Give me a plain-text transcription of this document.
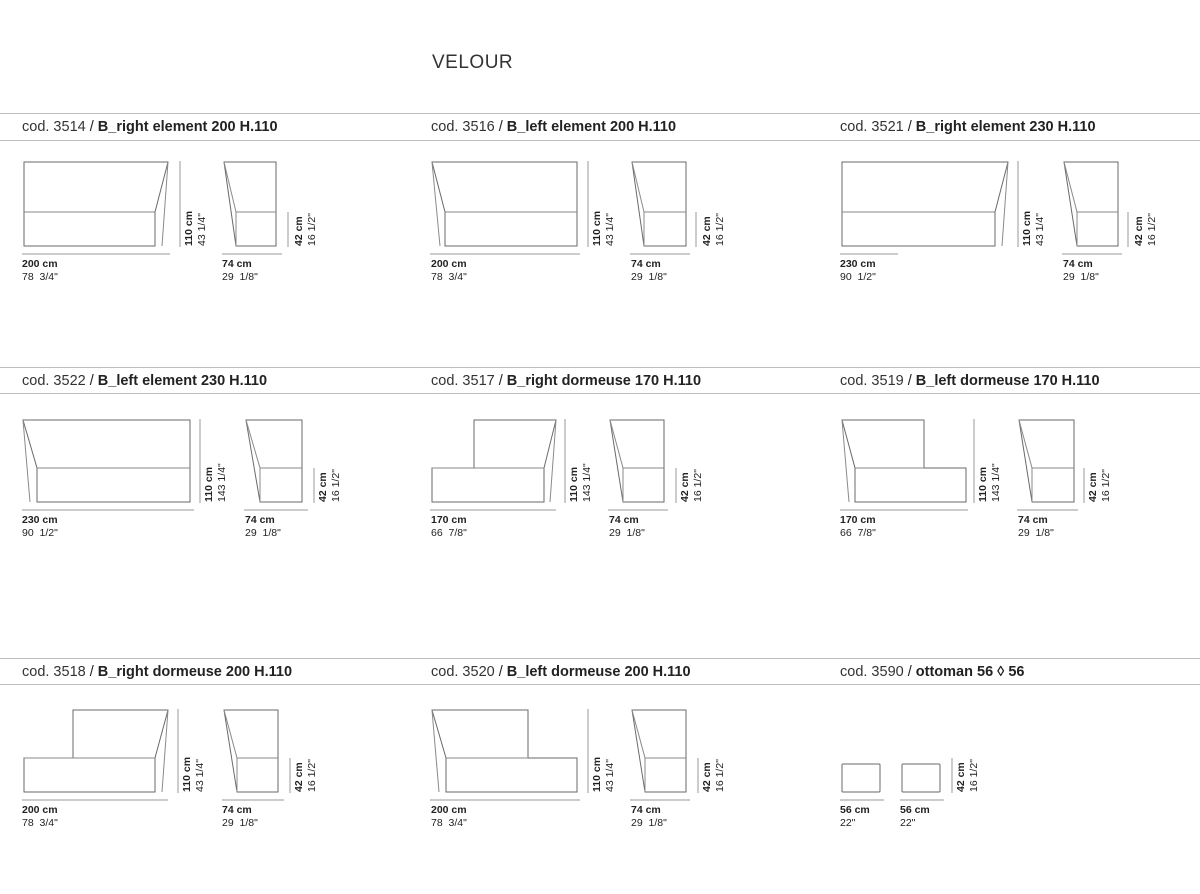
VELOUR
cod. 3514 / B_right element 200 H.110	cod. 3516 / B_left element 200 H.110	cod. 3521 / B_right element 230 H.110
cod. 3522 / B_left element 230 H.110	cod. 3517 / B_right dormeuse 170 H.110	cod. 3519 / B_left dormeuse 170 H.110
cod. 3518 / B_right dormeuse 200 H.110	cod. 3520 / B_left dormeuse 200 H.110	cod. 3590 / ottoman 56 ◊ 56
200 cm
78  3/4"
74 cm
29  1/8"
200 cm
78  3/4"
74 cm
29  1/8"
230 cm
90  1/2"
74 cm
29  1/8"
230 cm
90  1/2"
74 cm
29  1/8"
170 cm
66  7/8"
74 cm
29  1/8"
170 cm
66  7/8"
74 cm
29  1/8"
200 cm
78  3/4"
74 cm
29  1/8"
200 cm
78  3/4"
74 cm
29  1/8"
56 cm
22"
56 cm
22"
110 cm 43 1/4"	42 cm 16 1/2"	110 cm 43 1/4"	42 cm 16 1/2"	110 cm 43 1/4"	42 cm 16 1/2"
110 cm 143 1/4"	42 cm 16 1/2"	110 cm 143 1/4"	42 cm 16 1/2"	110 cm 143 1/4"	42 cm 16 1/2"
110 cm 43 1/4"	42 cm 16 1/2"	110 cm 43 1/4"	42 cm 16 1/2"	42 cm 16 1/2"
